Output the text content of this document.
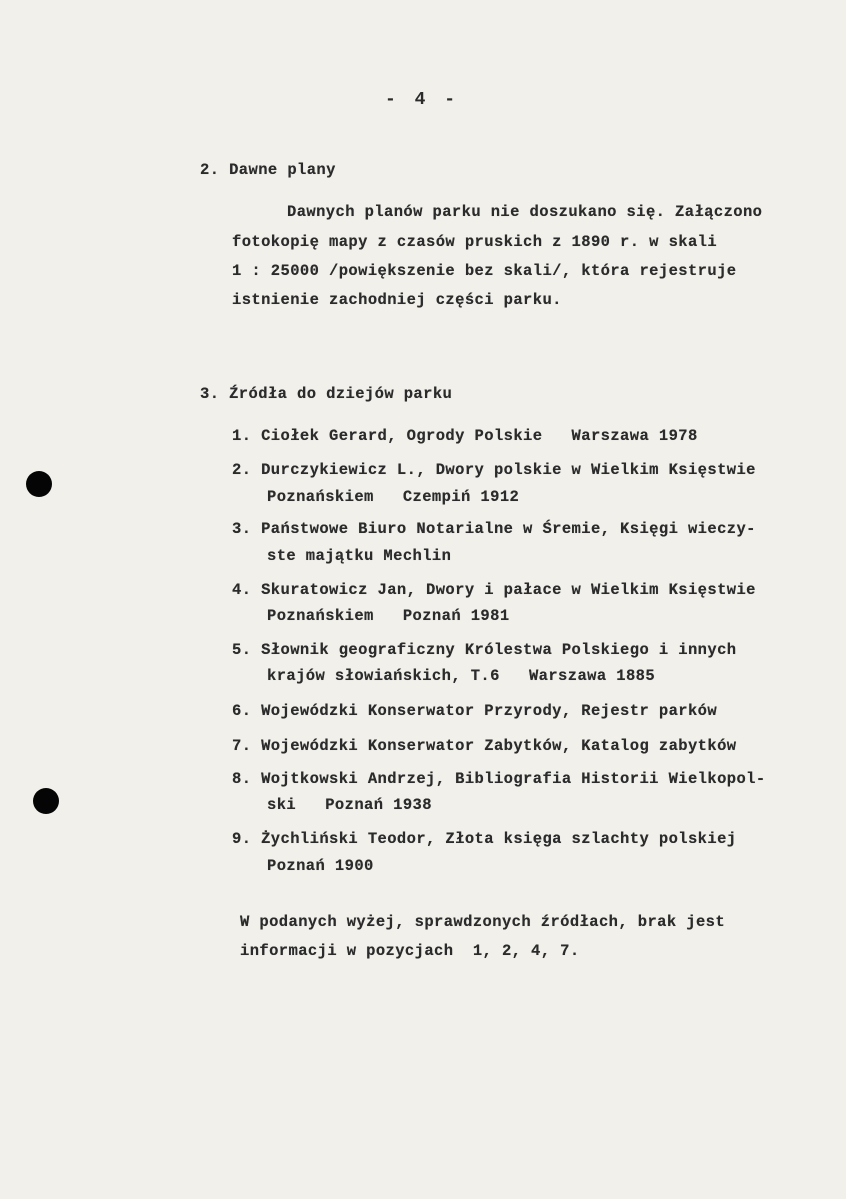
- 4 -
2. Dawne plany
Dawnych planów parku nie doszukano się. Załączono
fotokopię mapy z czasów pruskich z 1890 r. w skali
1 : 25000 /powiększenie bez skali/, która rejestruje
istnienie zachodniej części parku.
3. Źródła do dziejów parku
1. Ciołek Gerard, Ogrody Polskie   Warszawa 1978
2. Durczykiewicz L., Dwory polskie w Wielkim Księstwie
Poznańskiem   Czempiń 1912
3. Państwowe Biuro Notarialne w Śremie, Księgi wieczy-
ste majątku Mechlin
4. Skuratowicz Jan, Dwory i pałace w Wielkim Księstwie
Poznańskiem   Poznań 1981
5. Słownik geograficzny Królestwa Polskiego i innych
krajów słowiańskich, T.6   Warszawa 1885
6. Wojewódzki Konserwator Przyrody, Rejestr parków
7. Wojewódzki Konserwator Zabytków, Katalog zabytków
8. Wojtkowski Andrzej, Bibliografia Historii Wielkopol-
ski   Poznań 1938
9. Żychliński Teodor, Złota księga szlachty polskiej
Poznań 1900
W podanych wyżej, sprawdzonych źródłach, brak jest
informacji w pozycjach  1, 2, 4, 7.
